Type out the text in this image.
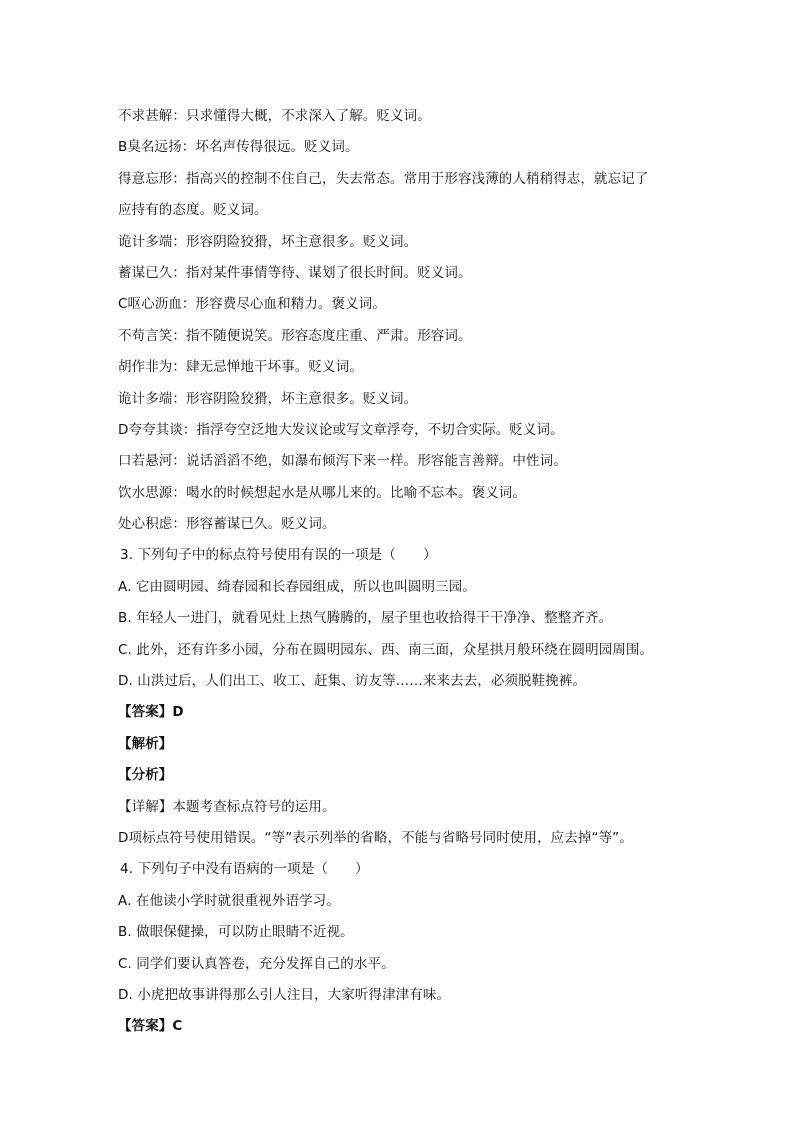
不求甚解：只求懂得大概，不求深入了解。贬义词。
B臭名远扬：坏名声传得很远。贬义词。
得意忘形：指高兴的控制不住自己，失去常态。常用于形容浅薄的人稍稍得志，就忘记了
应持有的态度。贬义词。
诡计多端：形容阴险狡猾，坏主意很多。贬义词。
蓄谋已久：指对某件事情等待、谋划了很长时间。贬义词。
C呕心沥血：形容费尽心血和精力。褒义词。
不苟言笑：指不随便说笑。形容态度庄重、严肃。形容词。
胡作非为：肆无忌惮地干坏事。贬义词。
诡计多端：形容阴险狡猾，坏主意很多。贬义词。
D夸夸其谈：指浮夸空泛地大发议论或写文章浮夸，不切合实际。贬义词。
口若悬河：说话滔滔不绝，如瀑布倾泻下来一样。形容能言善辩。中性词。
饮水思源：喝水的时候想起水是从哪儿来的。比喻不忘本。褒义词。
处心积虑：形容蓄谋已久。贬义词。
3. 下列句子中的标点符号使用有误的一项是（　　）
A. 它由圆明园、绮春园和长春园组成，所以也叫圆明三园。
B. 年轻人一进门，就看见灶上热气腾腾的，屋子里也收拾得干干净净、整整齐齐。
C. 此外，还有许多小园，分布在圆明园东、西、南三面，众星拱月般环绕在圆明园周围。
D. 山洪过后，人们出工、收工、赶集、访友等……来来去去，必须脱鞋挽裤。
【答案】D
【解析】
【分析】
【详解】本题考查标点符号的运用。
D项标点符号使用错误。“等”表示列举的省略，不能与省略号同时使用，应去掉“等”。
4. 下列句子中没有语病的一项是（　　）
A. 在他读小学时就很重视外语学习。
B. 做眼保健操，可以防止眼睛不近视。
C. 同学们要认真答卷，充分发挥自己的水平。
D. 小虎把故事讲得那么引人注目，大家听得津津有味。
【答案】C
